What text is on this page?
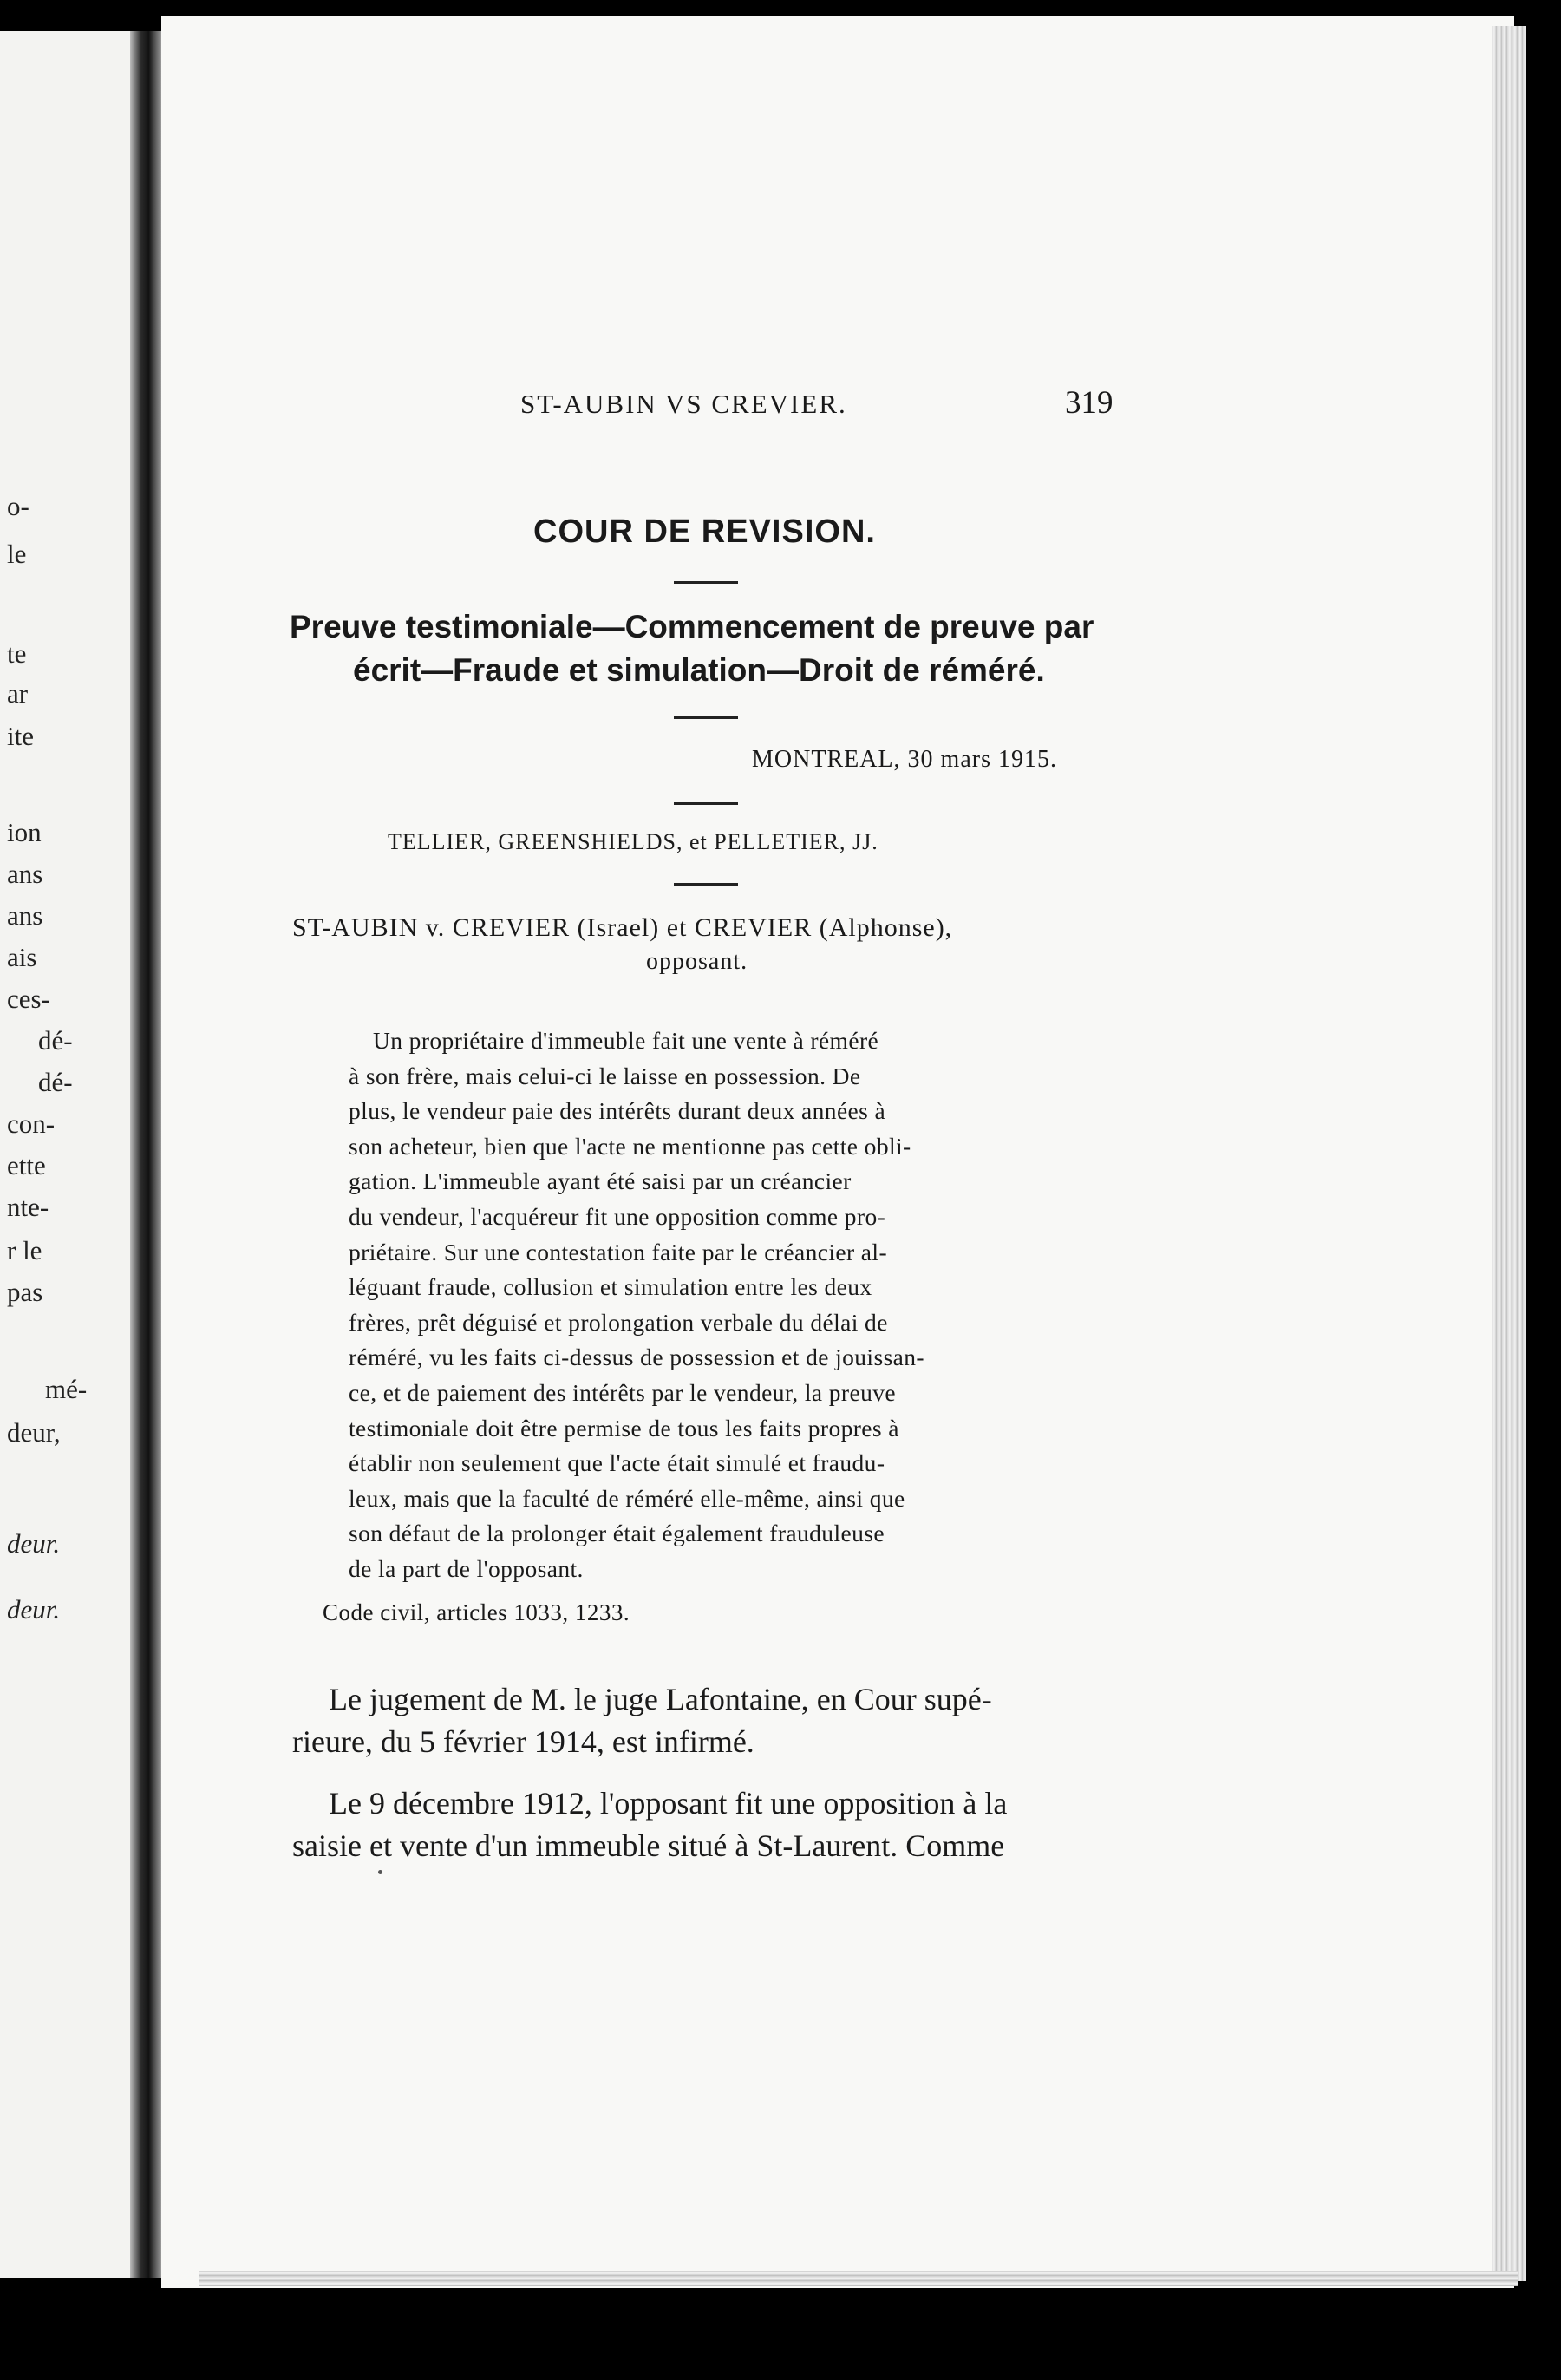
o-
le
te
ar
ite
ion
ans
ans
ais
ces-
dé-
dé-
con-
ette
nte-
r le
pas
mé-
deur,
deur.
deur.

ST-AUBIN VS CREVIER.	319

COUR DE REVISION.

Preuve testimoniale—Commencement de preuve par

écrit—Fraude et simulation—Droit de réméré.

MONTREAL, 30 mars 1915.

TELLIER, GREENSHIELDS, et PELLETIER, JJ.

ST-AUBIN v. CREVIER (Israel) et CREVIER (Alphonse),

opposant.

Un propriétaire d'immeuble fait une vente à réméré
à son frère, mais celui-ci le laisse en possession. De
plus, le vendeur paie des intérêts durant deux années à
son acheteur, bien que l'acte ne mentionne pas cette obli-
gation. L'immeuble ayant été saisi par un créancier
du vendeur, l'acquéreur fit une opposition comme pro-
priétaire. Sur une contestation faite par le créancier al-
léguant fraude, collusion et simulation entre les deux
frères, prêt déguisé et prolongation verbale du délai de
réméré, vu les faits ci-dessus de possession et de jouissan-
ce, et de paiement des intérêts par le vendeur, la preuve
testimoniale doit être permise de tous les faits propres à
établir non seulement que l'acte était simulé et fraudu-
leux, mais que la faculté de réméré elle-même, ainsi que
son défaut de la prolonger était également frauduleuse
de la part de l'opposant.

Code civil, articles 1033, 1233.

Le jugement de M. le juge Lafontaine, en Cour supé-
rieure, du 5 février 1914, est infirmé.
Le 9 décembre 1912, l'opposant fit une opposition à la
saisie et vente d'un immeuble situé à St-Laurent. Comme
